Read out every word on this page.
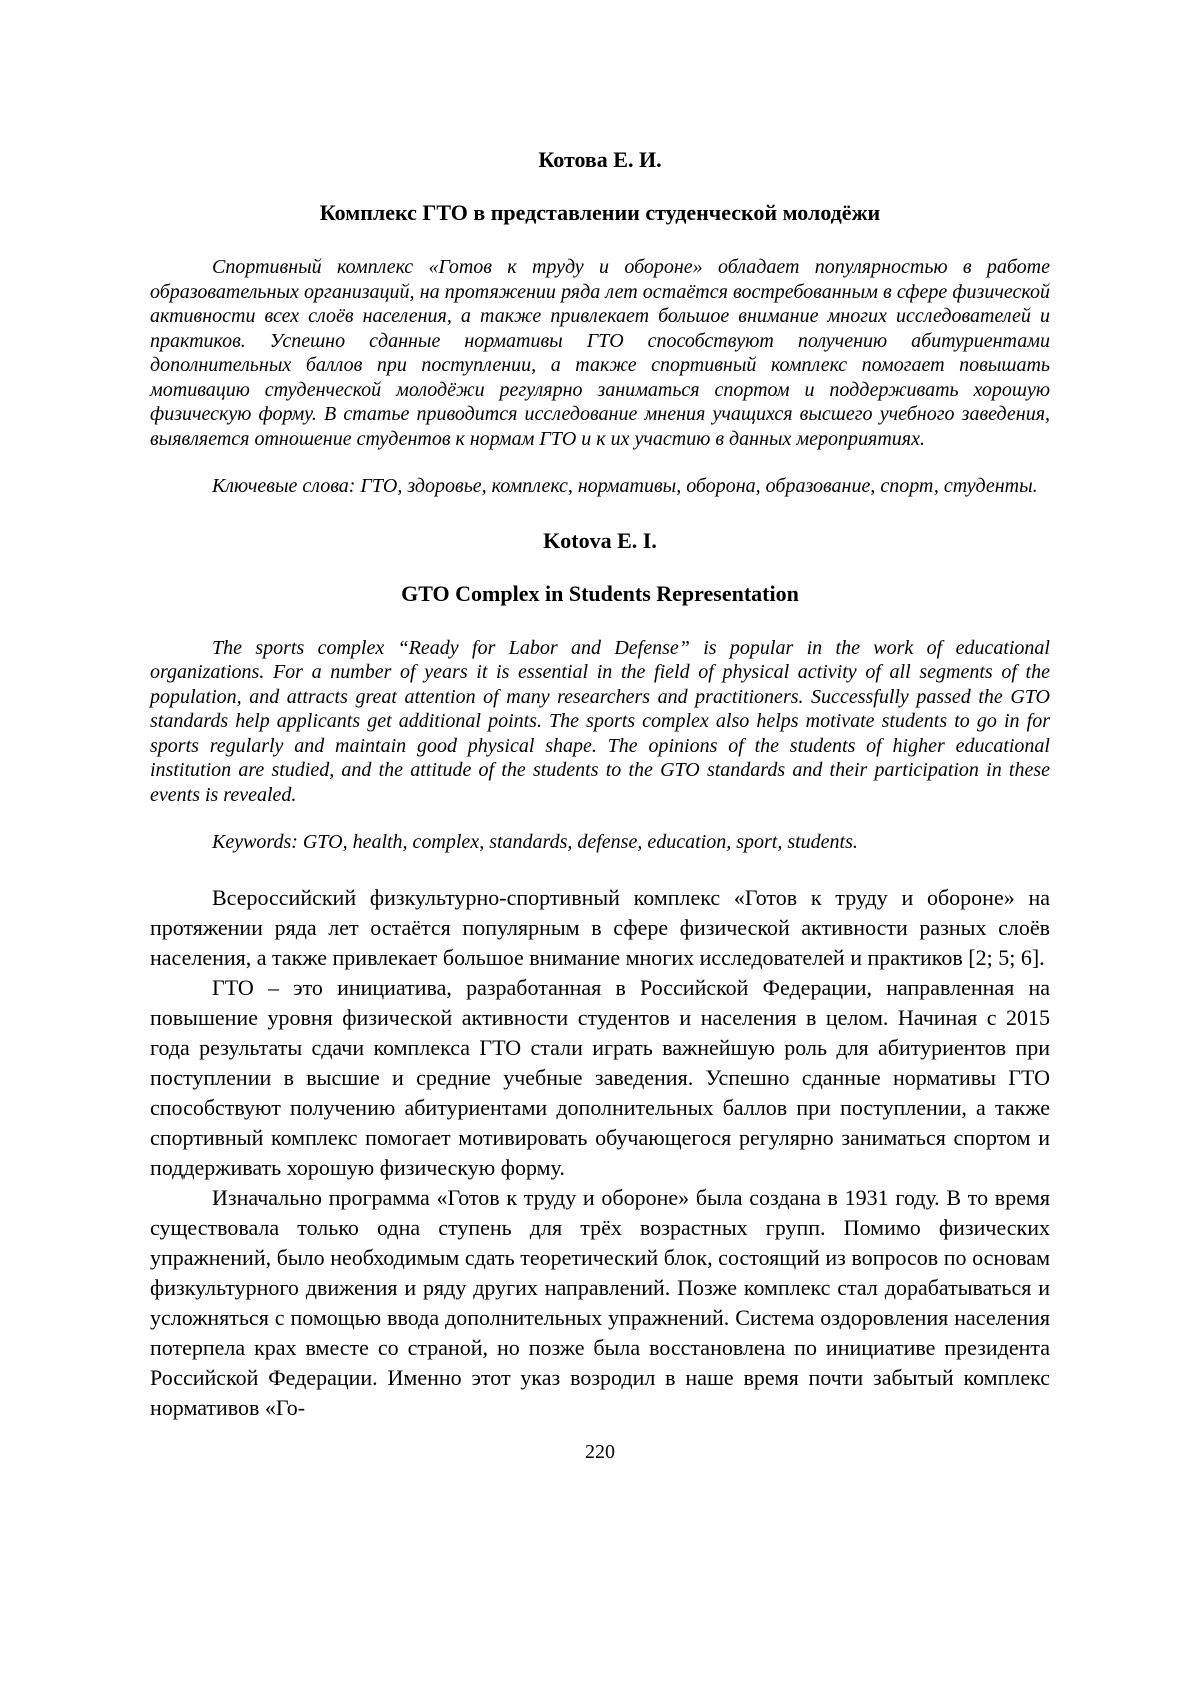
Котова Е. И.
Комплекс ГТО в представлении студенческой молодёжи

Спортивный комплекс «Готов к труду и обороне» обладает популярностью в работе образовательных организаций, на протяжении ряда лет остаётся востребованным в сфере физической активности всех слоёв населения, а также привлекает большое внимание многих исследователей и практиков. Успешно сданные нормативы ГТО способствуют получению абитуриентами дополнительных баллов при поступлении, а также спортивный комплекс помогает повышать мотивацию студенческой молодёжи регулярно заниматься спортом и поддерживать хорошую физическую форму. В статье приводится исследование мнения учащихся высшего учебного заведения, выявляется отношение студентов к нормам ГТО и к их участию в данных мероприятиях.

Ключевые слова: ГТО, здоровье, комплекс, нормативы, оборона, образование, спорт, студенты.

Kotova E. I.
GTO Complex in Students Representation

The sports complex “Ready for Labor and Defense” is popular in the work of educational organizations. For a number of years it is essential in the field of physical activity of all segments of the population, and attracts great attention of many researchers and practitioners. Successfully passed the GTO standards help applicants get additional points. The sports complex also helps motivate students to go in for sports regularly and maintain good physical shape. The opinions of the students of higher educational institution are studied, and the attitude of the students to the GTO standards and their participation in these events is revealed.

Keywords: GTO, health, complex, standards, defense, education, sport, students.

Всероссийский физкультурно-спортивный комплекс «Готов к труду и обороне» на протяжении ряда лет остаётся популярным в сфере физической активности разных слоёв населения, а также привлекает большое внимание многих исследователей и практиков [2; 5; 6].

ГТО – это инициатива, разработанная в Российской Федерации, направленная на повышение уровня физической активности студентов и населения в целом. Начиная с 2015 года результаты сдачи комплекса ГТО стали играть важнейшую роль для абитуриентов при поступлении в высшие и средние учебные заведения. Успешно сданные нормативы ГТО способствуют получению абитуриентами дополнительных баллов при поступлении, а также спортивный комплекс помогает мотивировать обучающегося регулярно заниматься спортом и поддерживать хорошую физическую форму.

Изначально программа «Готов к труду и обороне» была создана в 1931 году. В то время существовала только одна ступень для трёх возрастных групп. Помимо физических упражнений, было необходимым сдать теоретический блок, состоящий из вопросов по основам физкультурного движения и ряду других направлений. Позже комплекс стал дорабатываться и усложняться с помощью ввода дополнительных упражнений. Система оздоровления населения потерпела крах вместе со страной, но позже была восстановлена по инициативе президента Российской Федерации. Именно этот указ возродил в наше время почти забытый комплекс нормативов «Го-

220
